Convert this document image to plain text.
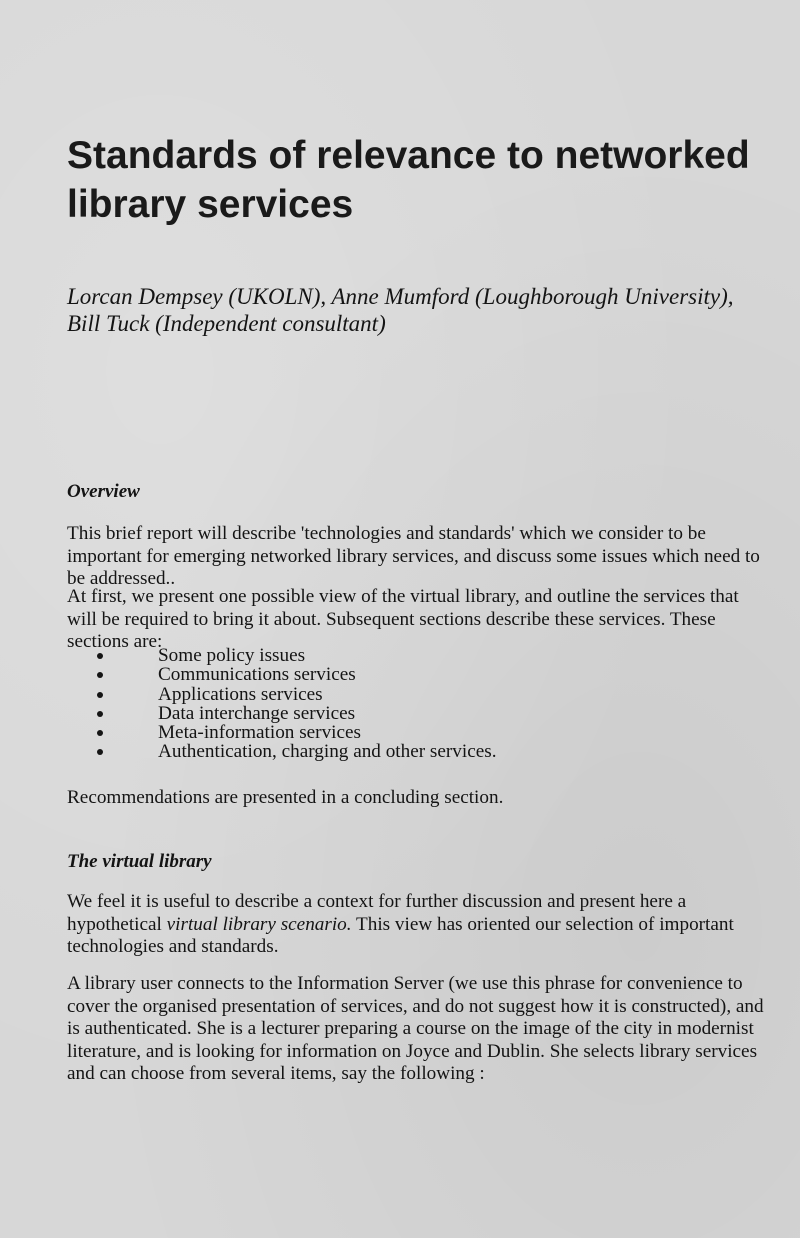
Standards of relevance to networked library services

Lorcan Dempsey (UKOLN), Anne Mumford (Loughborough University), Bill Tuck (Independent consultant)

Overview

This brief report will describe 'technologies and standards' which we consider to be important for emerging networked library services, and discuss some issues which need to be addressed..

At first, we present one possible view of the virtual library, and outline the services that will be required to bring it about. Subsequent sections describe these services. These sections are:

Some policy issues
Communications services
Applications services
Data interchange services
Meta-information services
Authentication, charging and other services.

Recommendations are presented in a concluding section.

The virtual library

We feel it is useful to describe a context for further discussion and present here a hypothetical virtual library scenario. This view has oriented our selection of important technologies and standards.

A library user connects to the Information Server (we use this phrase for convenience to cover the organised presentation of services, and do not suggest how it is constructed), and is authenticated. She is a lecturer preparing a course on the image of the city in modernist literature, and is looking for information on Joyce and Dublin. She selects library services and can choose from several items, say the following :
